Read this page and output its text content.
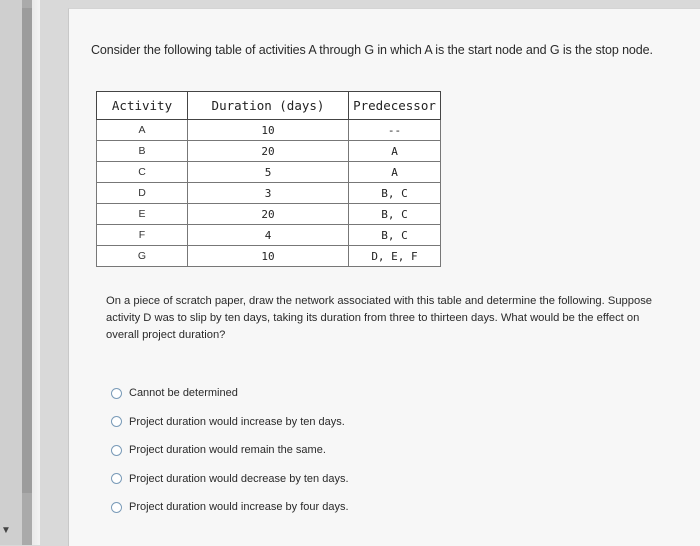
▼
Consider the following table of activities A through G in which A is the start node and G is the stop node.
Activity	Duration (days)	Predecessor
A	10	--
B	20	A
C	5	A
D	3	B, C
E	20	B, C
F	4	B, C
G	10	D, E, F
On a piece of scratch paper, draw the network associated with this table and determine the following. Suppose activity D was to slip by ten days, taking its duration from three to thirteen days. What would be the effect on overall project duration?
Cannot be determined
Project duration would increase by ten days.
Project duration would remain the same.
Project duration would decrease by ten days.
Project duration would increase by four days.
